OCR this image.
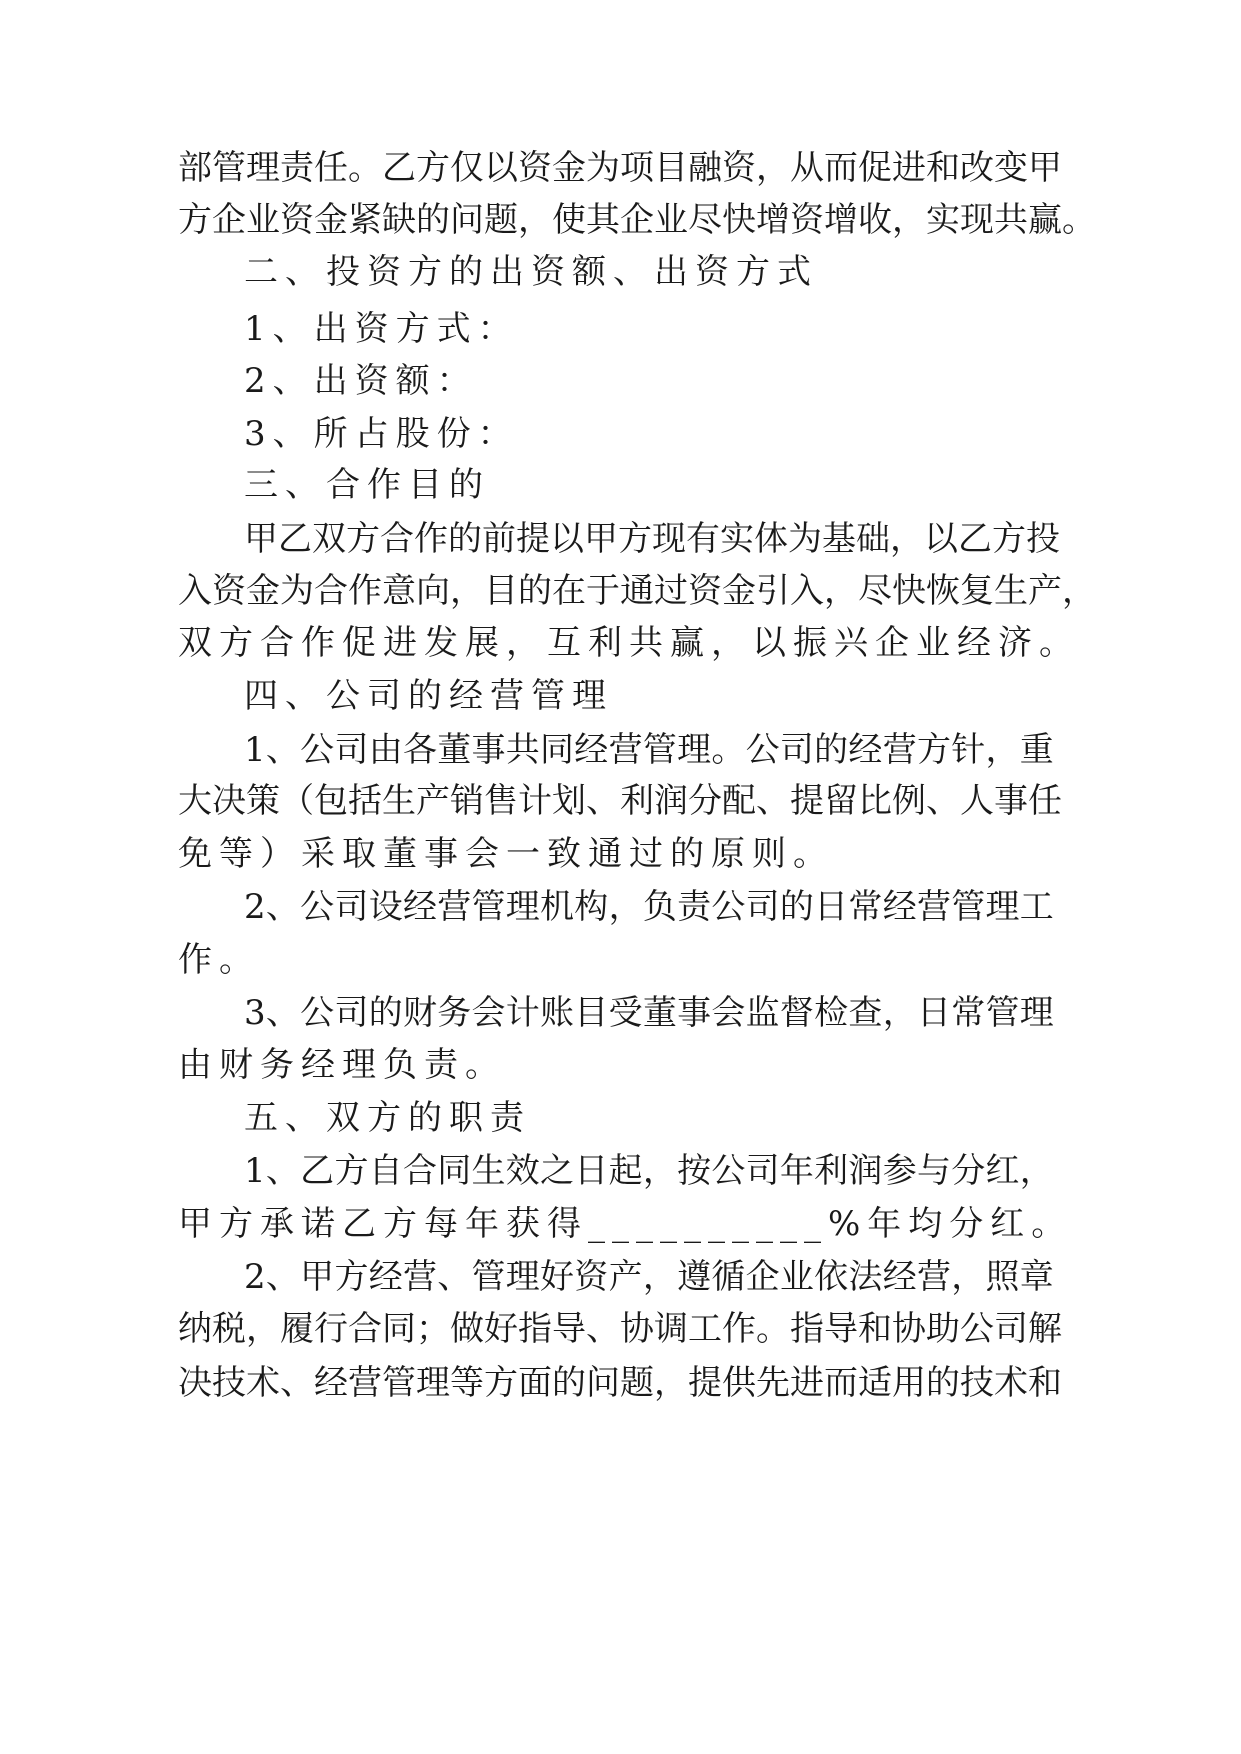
部 管 理 责 任 。 乙 方 仅 以 资 金 为 项 目 融 资 ， 从 而 促 进 和 改 变 甲
方 企 业 资 金 紧 缺 的 问 题 ， 使 其 企 业 尽 快 增 资 增 收 ， 实 现 共 赢 。
二、投资方的出资额、出资方式
1、出资方式：
2、出资额：
3、所占股份：
三、合作目的
甲 乙 双 方 合 作 的 前 提 以 甲 方 现 有 实 体 为 基 础 ， 以 乙 方 投
入 资 金 为 合 作 意 向 ， 目 的 在 于 通 过 资 金 引 入 ， 尽 快 恢 复 生 产 ，
双方合作促进发展，互利共赢，以振兴企业经济。
四、公司的经营管理
1 、 公 司 由 各 董 事 共 同 经 营 管 理 。 公 司 的 经 营 方 针 ， 重
大 决 策 （ 包 括 生 产 销 售 计 划 、 利 润 分 配 、 提 留 比 例 、 人 事 任
免等）采取董事会一致通过的原则。
2 、 公 司 设 经 营 管 理 机 构 ， 负 责 公 司 的 日 常 经 营 管 理 工
作。
3 、 公 司 的 财 务 会 计 账 目 受 董 事 会 监 督 检 查 ， 日 常 管 理
由财务经理负责。
五、双方的职责
1 、 乙 方 自 合 同 生 效 之 日 起 ， 按 公 司 年 利 润 参 与 分 红 ，
甲方承诺乙方每年获得__________%年均分红。
2 、 甲 方 经 营 、 管 理 好 资 产 ， 遵 循 企 业 依 法 经 营 ， 照 章
纳 税 ， 履 行 合 同 ； 做 好 指 导 、 协 调 工 作 。 指 导 和 协 助 公 司 解
决 技 术 、 经 营 管 理 等 方 面 的 问 题 ， 提 供 先 进 而 适 用 的 技 术 和
